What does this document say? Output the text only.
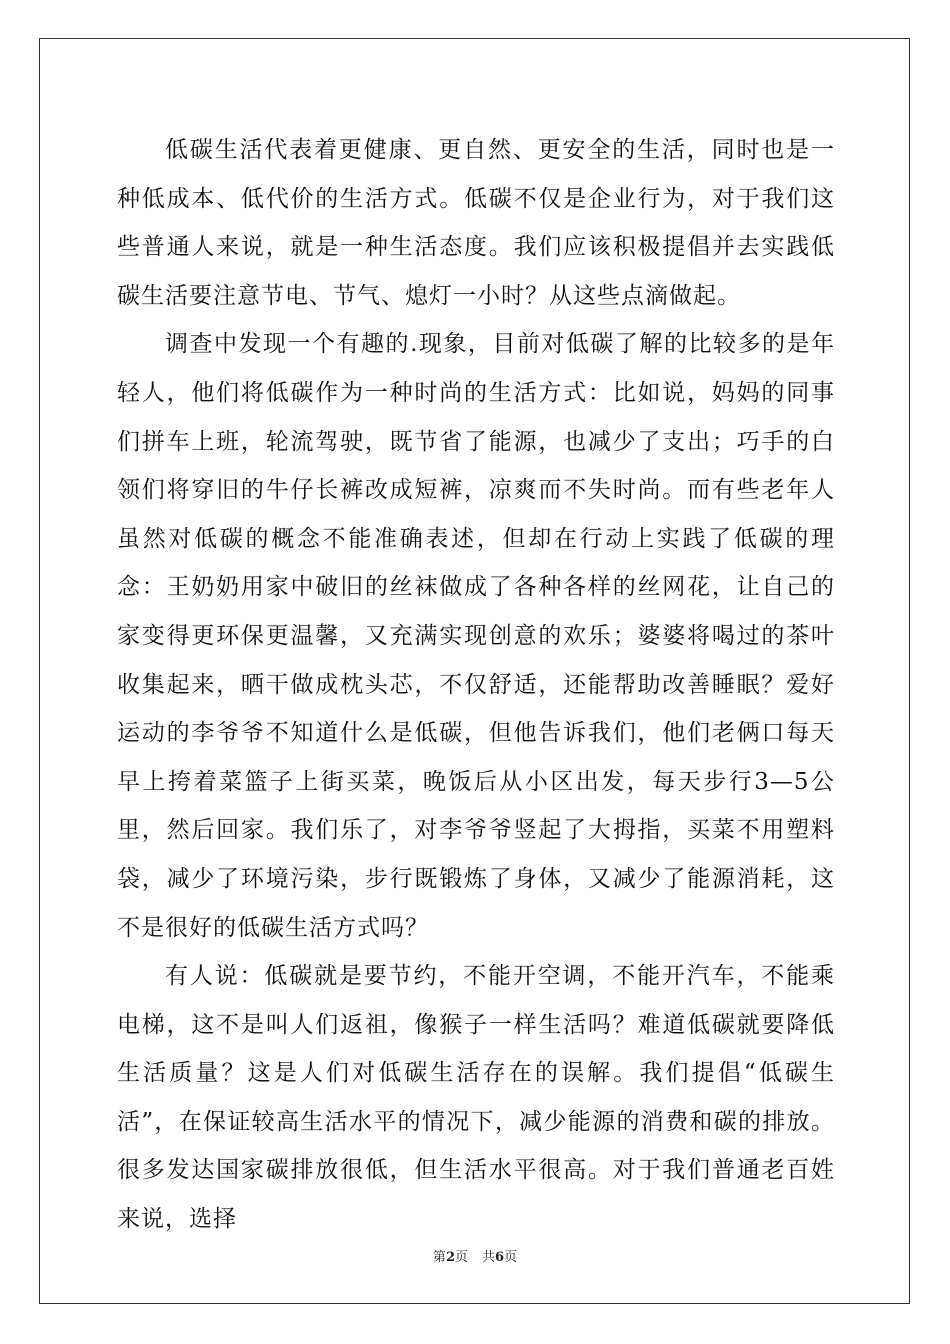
低碳生活代表着更健康、更自然、更安全的生活，同时也是一种低成本、低代价的生活方式。低碳不仅是企业行为，对于我们这些普通人来说，就是一种生活态度。我们应该积极提倡并去实践低碳生活要注意节电、节气、熄灯一小时？从这些点滴做起。

调查中发现一个有趣的.现象，目前对低碳了解的比较多的是年轻人，他们将低碳作为一种时尚的生活方式：比如说，妈妈的同事们拼车上班，轮流驾驶，既节省了能源，也减少了支出；巧手的白领们将穿旧的牛仔长裤改成短裤，凉爽而不失时尚。而有些老年人虽然对低碳的概念不能准确表述，但却在行动上实践了低碳的理念：王奶奶用家中破旧的丝袜做成了各种各样的丝网花，让自己的家变得更环保更温馨，又充满实现创意的欢乐；婆婆将喝过的茶叶收集起来，晒干做成枕头芯，不仅舒适，还能帮助改善睡眠？爱好运动的李爷爷不知道什么是低碳，但他告诉我们，他们老俩口每天早上挎着菜篮子上街买菜，晚饭后从小区出发，每天步行3—5公里，然后回家。我们乐了，对李爷爷竖起了大拇指，买菜不用塑料袋，减少了环境污染，步行既锻炼了身体，又减少了能源消耗，这不是很好的低碳生活方式吗？

有人说：低碳就是要节约，不能开空调，不能开汽车，不能乘电梯，这不是叫人们返祖，像猴子一样生活吗？难道低碳就要降低生活质量？这是人们对低碳生活存在的误解。我们提倡“低碳生活”，在保证较高生活水平的情况下，减少能源的消费和碳的排放。很多发达国家碳排放很低，但生活水平很高。对于我们普通老百姓来说，选择

第2页 共6页
